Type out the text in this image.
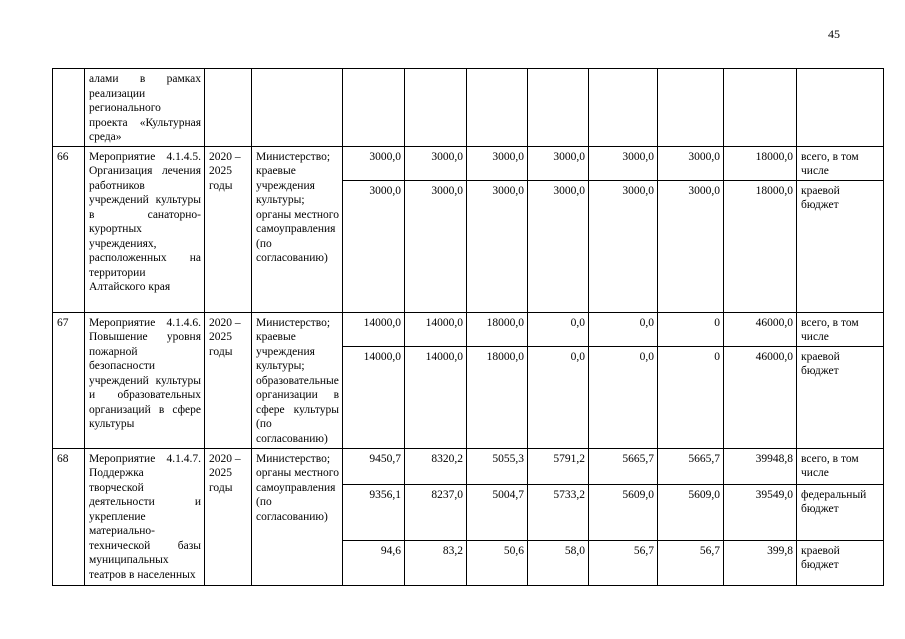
45
	алами в рамках реализации регионального проекта «Культурная среда»										
66	Мероприятие 4.1.4.5. Организация лечения работников учреждений культуры в санаторно-курортных учреждениях, расположенных на территории Алтайского края	2020 – 2025 годы	Министерство; краевые учреждения культуры; органы местного самоуправления (по согласованию)	3000,0	3000,0	3000,0	3000,0	3000,0	3000,0	18000,0	всего, в том числе
				3000,0	3000,0	3000,0	3000,0	3000,0	3000,0	18000,0	краевой бюджет
67	Мероприятие 4.1.4.6. Повышение уровня пожарной безопасности учреждений культуры и образовательных организаций в сфере культуры	2020 – 2025 годы	Министерство; краевые учреждения культуры; образовательные организации в сфере культуры (по согласованию)	14000,0	14000,0	18000,0	0,0	0,0	0	46000,0	всего, в том числе
				14000,0	14000,0	18000,0	0,0	0,0	0	46000,0	краевой бюджет
68	Мероприятие 4.1.4.7. Поддержка творческой деятельности и укрепление материально-технической базы муниципальных театров в населенных	2020 – 2025 годы	Министерство; органы местного самоуправления (по согласованию)	9450,7	8320,2	5055,3	5791,2	5665,7	5665,7	39948,8	всего, в том числе
				9356,1	8237,0	5004,7	5733,2	5609,0	5609,0	39549,0	федеральный бюджет
				94,6	83,2	50,6	58,0	56,7	56,7	399,8	краевой бюджет
